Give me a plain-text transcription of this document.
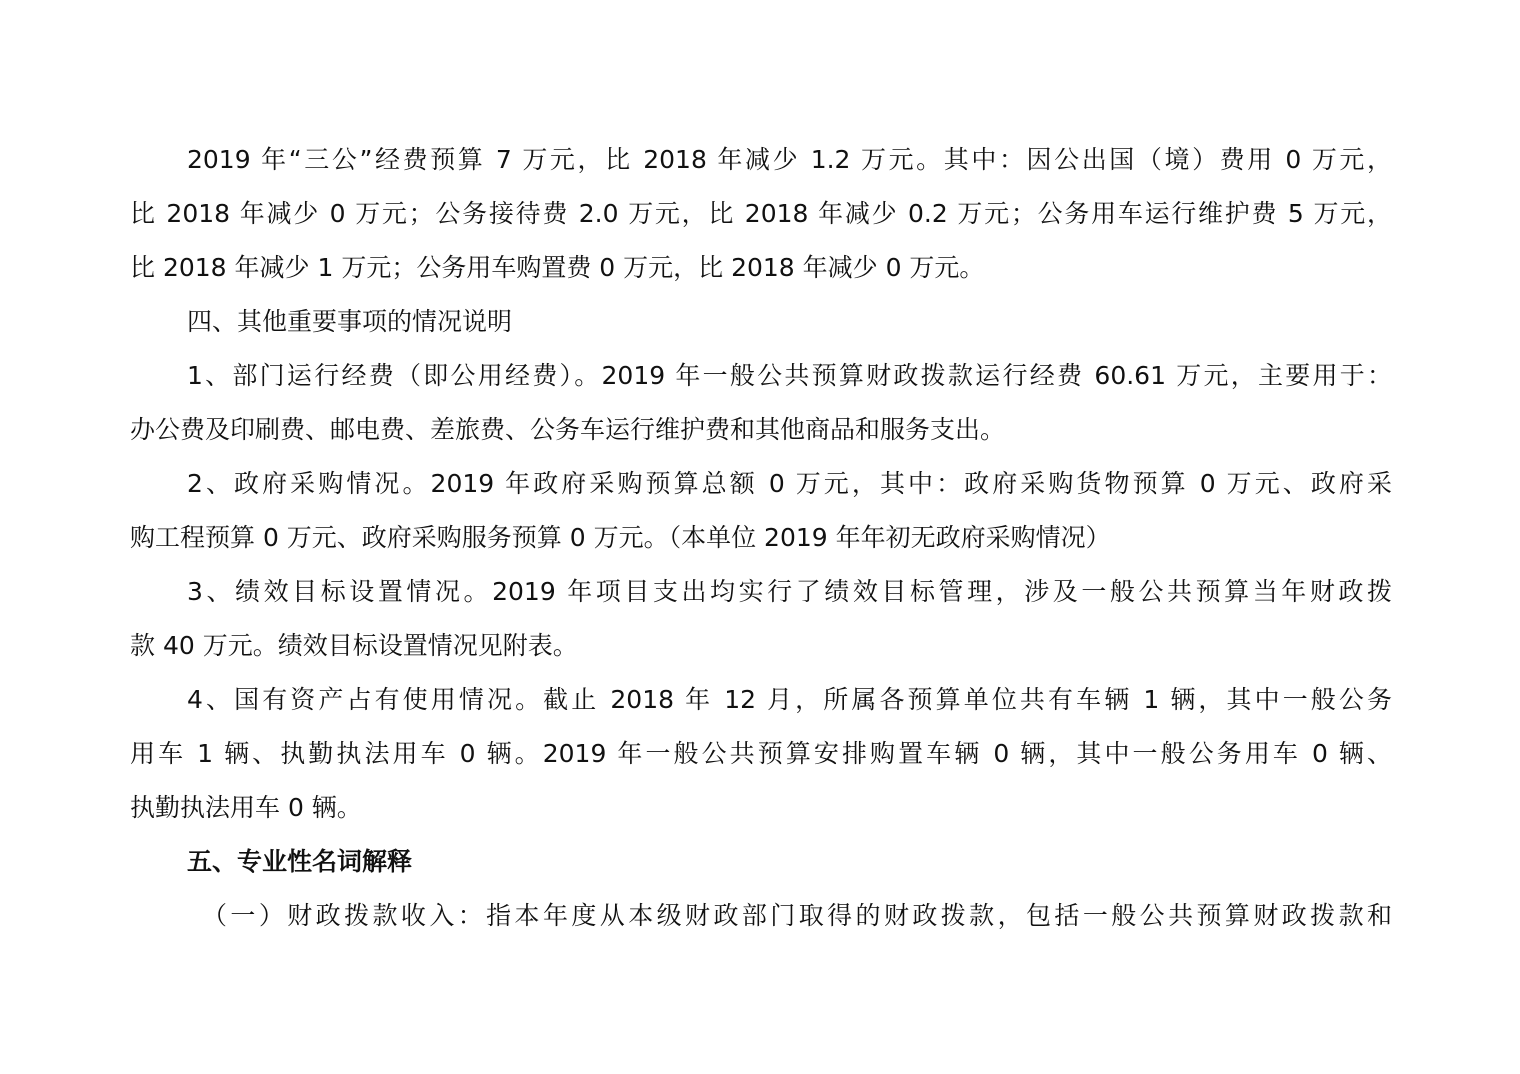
2019 年“三公”经费预算 7 万元，比 2018 年减少 1.2 万元。其中：因公出国（境）费用 0 万元，
比 2018 年减少 0 万元；公务接待费 2.0 万元，比 2018 年减少 0.2 万元；公务用车运行维护费 5 万元，
比 2018 年减少 1 万元；公务用车购置费 0 万元，比 2018 年减少 0 万元。
四、其他重要事项的情况说明
1、部门运行经费（即公用经费）。2019 年一般公共预算财政拨款运行经费 60.61 万元，主要用于：
办公费及印刷费、邮电费、差旅费、公务车运行维护费和其他商品和服务支出。
2、政府采购情况。2019 年政府采购预算总额 0 万元，其中：政府采购货物预算 0 万元、政府采
购工程预算 0 万元、政府采购服务预算 0 万元。（本单位 2019 年年初无政府采购情况）
3、绩效目标设置情况。2019 年项目支出均实行了绩效目标管理，涉及一般公共预算当年财政拨
款 40 万元。绩效目标设置情况见附表。
4、国有资产占有使用情况。截止 2018 年 12 月，所属各预算单位共有车辆 1 辆，其中一般公务
用车 1 辆、执勤执法用车 0 辆。2019 年一般公共预算安排购置车辆 0 辆，其中一般公务用车 0 辆、
执勤执法用车 0 辆。
五、专业性名词解释
（一）财政拨款收入：指本年度从本级财政部门取得的财政拨款，包括一般公共预算财政拨款和
